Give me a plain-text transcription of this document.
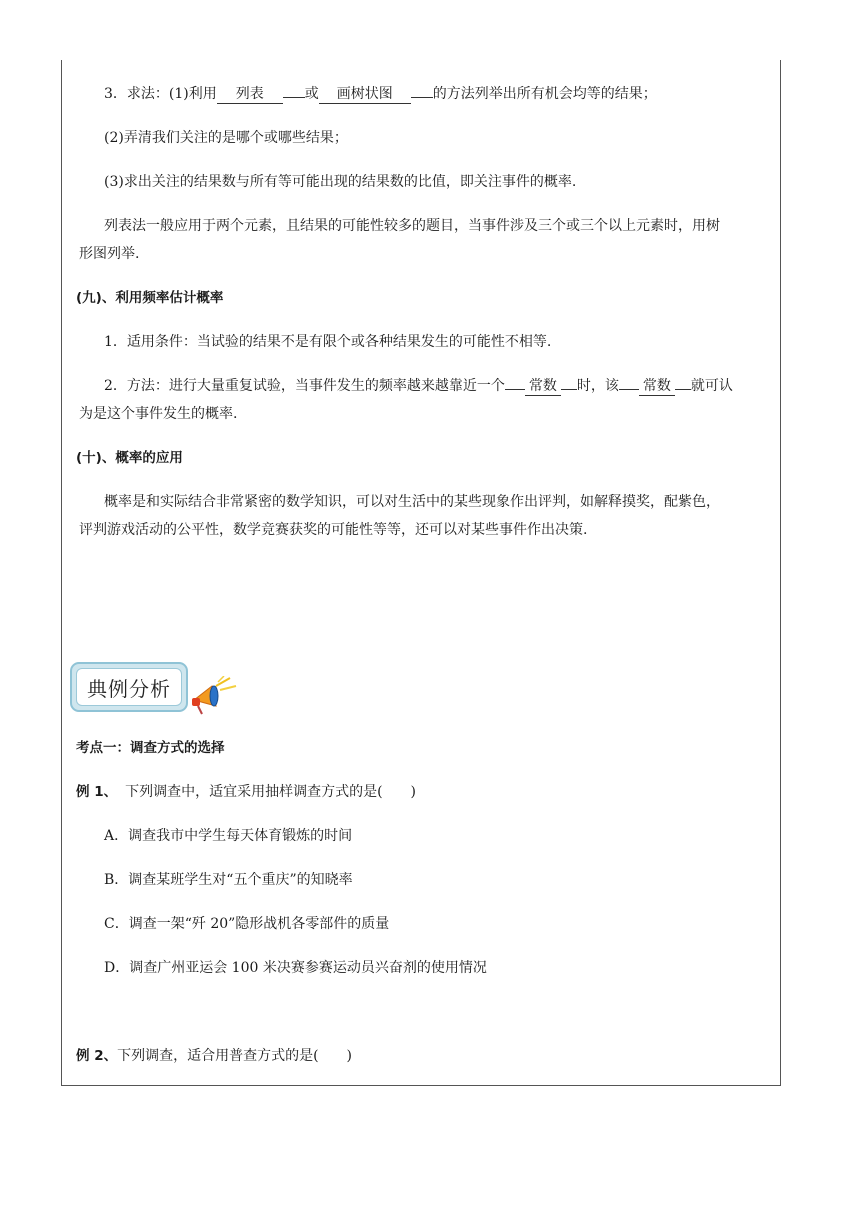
3．求法：(1)利用 列表	或 画树状图	的方法列举出所有机会均等的结果；
(2)弄清我们关注的是哪个或哪些结果；
(3)求出关注的结果数与所有等可能出现的结果数的比值，即关注事件的概率.
列表法一般应用于两个元素，且结果的可能性较多的题目，当事件涉及三个或三个以上元素时，用树
形图列举.
(九)、利用频率估计概率
1．适用条件：当试验的结果不是有限个或各种结果发生的可能性不相等.
2．方法：进行大量重复试验，当事件发生的频率越来越靠近一个 常数 时，该 常数 就可认
为是这个事件发生的概率.
(十)、概率的应用
概率是和实际结合非常紧密的数学知识，可以对生活中的某些现象作出评判，如解释摸奖，配紫色，
评判游戏活动的公平性，数学竞赛获奖的可能性等等，还可以对某些事件作出决策.
典例分析
考点一：调查方式的选择
例 1、 下列调查中，适宜采用抽样调查方式的是(　　)
A．调查我市中学生每天体育锻炼的时间
B．调查某班学生对“五个重庆”的知晓率
C．调查一架“歼 20”隐形战机各零部件的质量
D．调查广州亚运会 100 米决赛参赛运动员兴奋剂的使用情况
例 2、下列调查，适合用普查方式的是(　　)
